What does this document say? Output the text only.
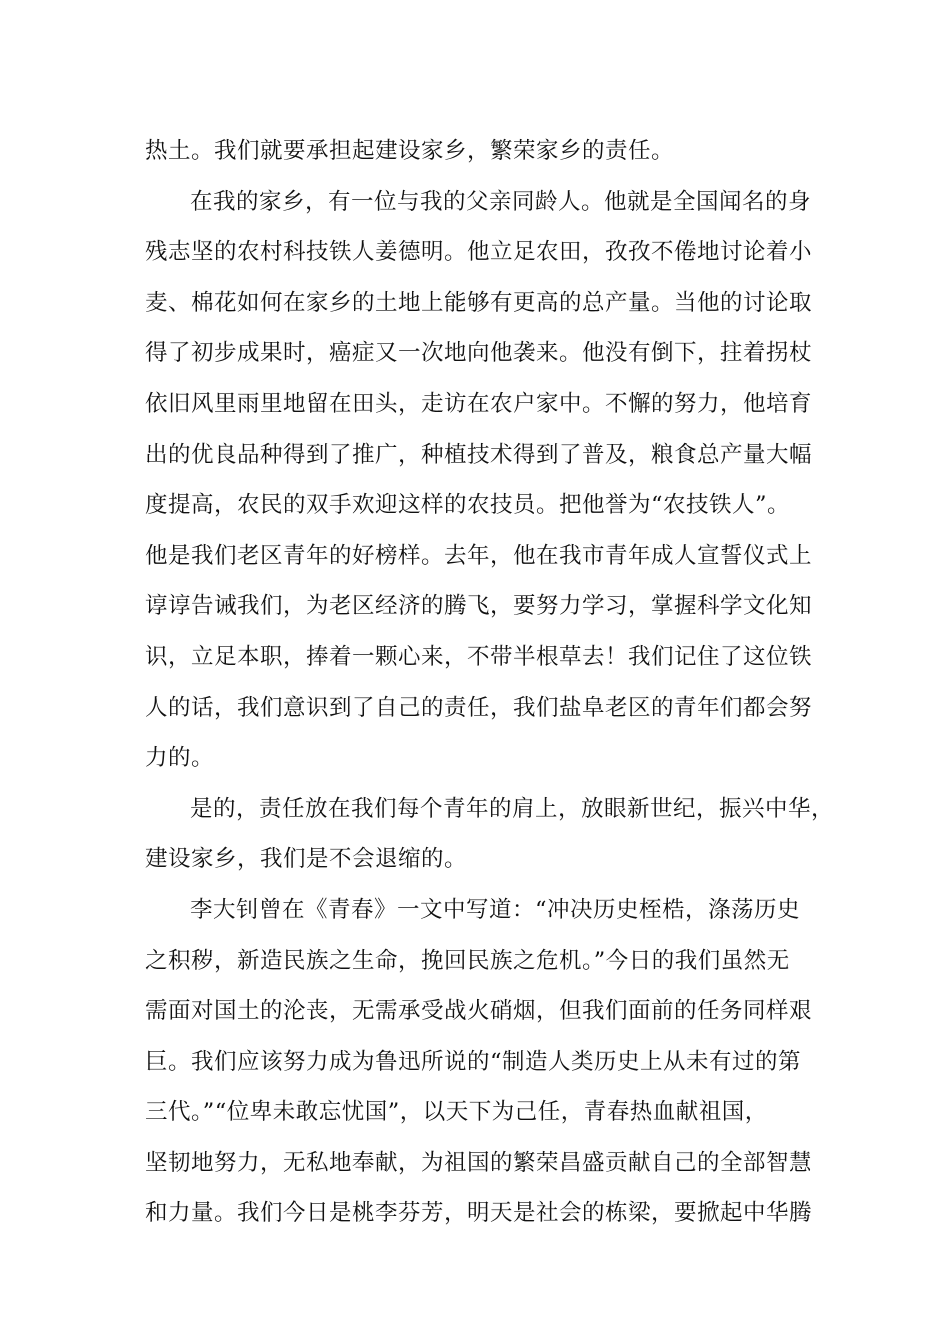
热土。我们就要承担起建设家乡，繁荣家乡的责任。
在我的家乡，有一位与我的父亲同龄人。他就是全国闻名的身
残志坚的农村科技铁人姜德明。他立足农田，孜孜不倦地讨论着小
麦、棉花如何在家乡的土地上能够有更高的总产量。当他的讨论取
得了初步成果时，癌症又一次地向他袭来。他没有倒下，拄着拐杖
依旧风里雨里地留在田头，走访在农户家中。不懈的努力，他培育
出的优良品种得到了推广，种植技术得到了普及，粮食总产量大幅
度提高，农民的双手欢迎这样的农技员。把他誉为“农技铁人”。
他是我们老区青年的好榜样。去年，他在我市青年成人宣誓仪式上
谆谆告诫我们，为老区经济的腾飞，要努力学习，掌握科学文化知
识，立足本职，捧着一颗心来，不带半根草去！我们记住了这位铁
人的话，我们意识到了自己的责任，我们盐阜老区的青年们都会努
力的。
是的，责任放在我们每个青年的肩上，放眼新世纪，振兴中华，
建设家乡，我们是不会退缩的。
李大钊曾在《青春》一文中写道：“冲决历史桎梏，涤荡历史
之积秽，新造民族之生命，挽回民族之危机。”今日的我们虽然无
需面对国土的沦丧，无需承受战火硝烟，但我们面前的任务同样艰
巨。我们应该努力成为鲁迅所说的“制造人类历史上从未有过的第
三代。”“位卑未敢忘忧国”，以天下为己任，青春热血献祖国，
坚韧地努力，无私地奉献，为祖国的繁荣昌盛贡献自己的全部智慧
和力量。我们今日是桃李芬芳，明天是社会的栋梁，要掀起中华腾
